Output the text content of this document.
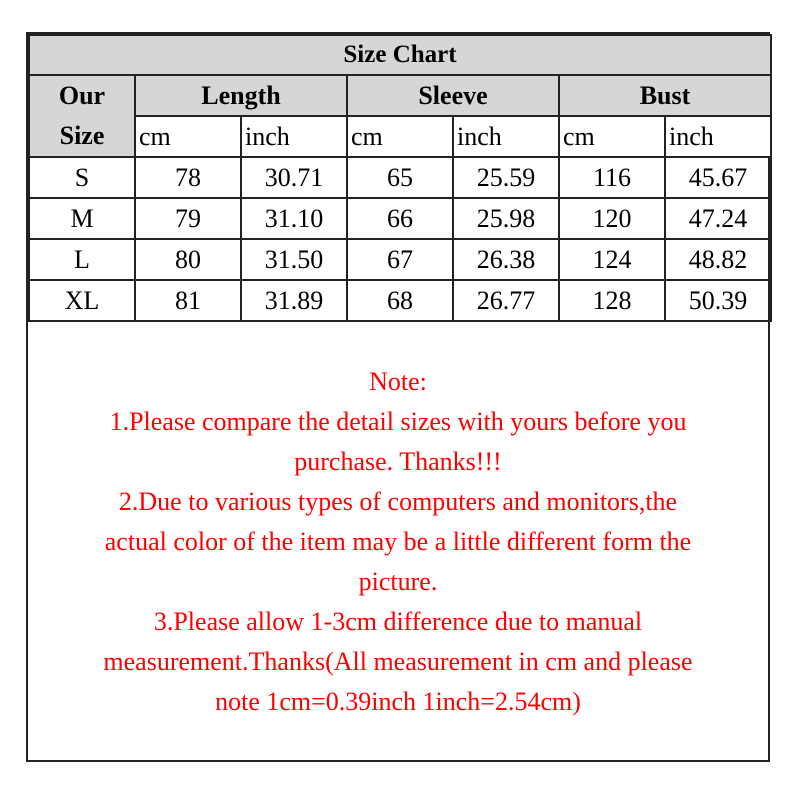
Size Chart						

Our
Size	Length		Sleeve		Bust	
	cm	inch	cm	inch	cm	inch
S	78	30.71	65	25.59	116	45.67
M	79	31.10	66	25.98	120	47.24
L	80	31.50	67	26.38	124	48.82
XL	81	31.89	68	26.77	128	50.39
Note:
1.Please compare the detail sizes with yours before you
purchase. Thanks!!!
2.Due to various types of computers and monitors,the
actual color of the item may be a little different form the
picture.
3.Please allow 1-3cm difference due to manual
measurement.Thanks(All measurement in cm and please
note 1cm=0.39inch 1inch=2.54cm)
